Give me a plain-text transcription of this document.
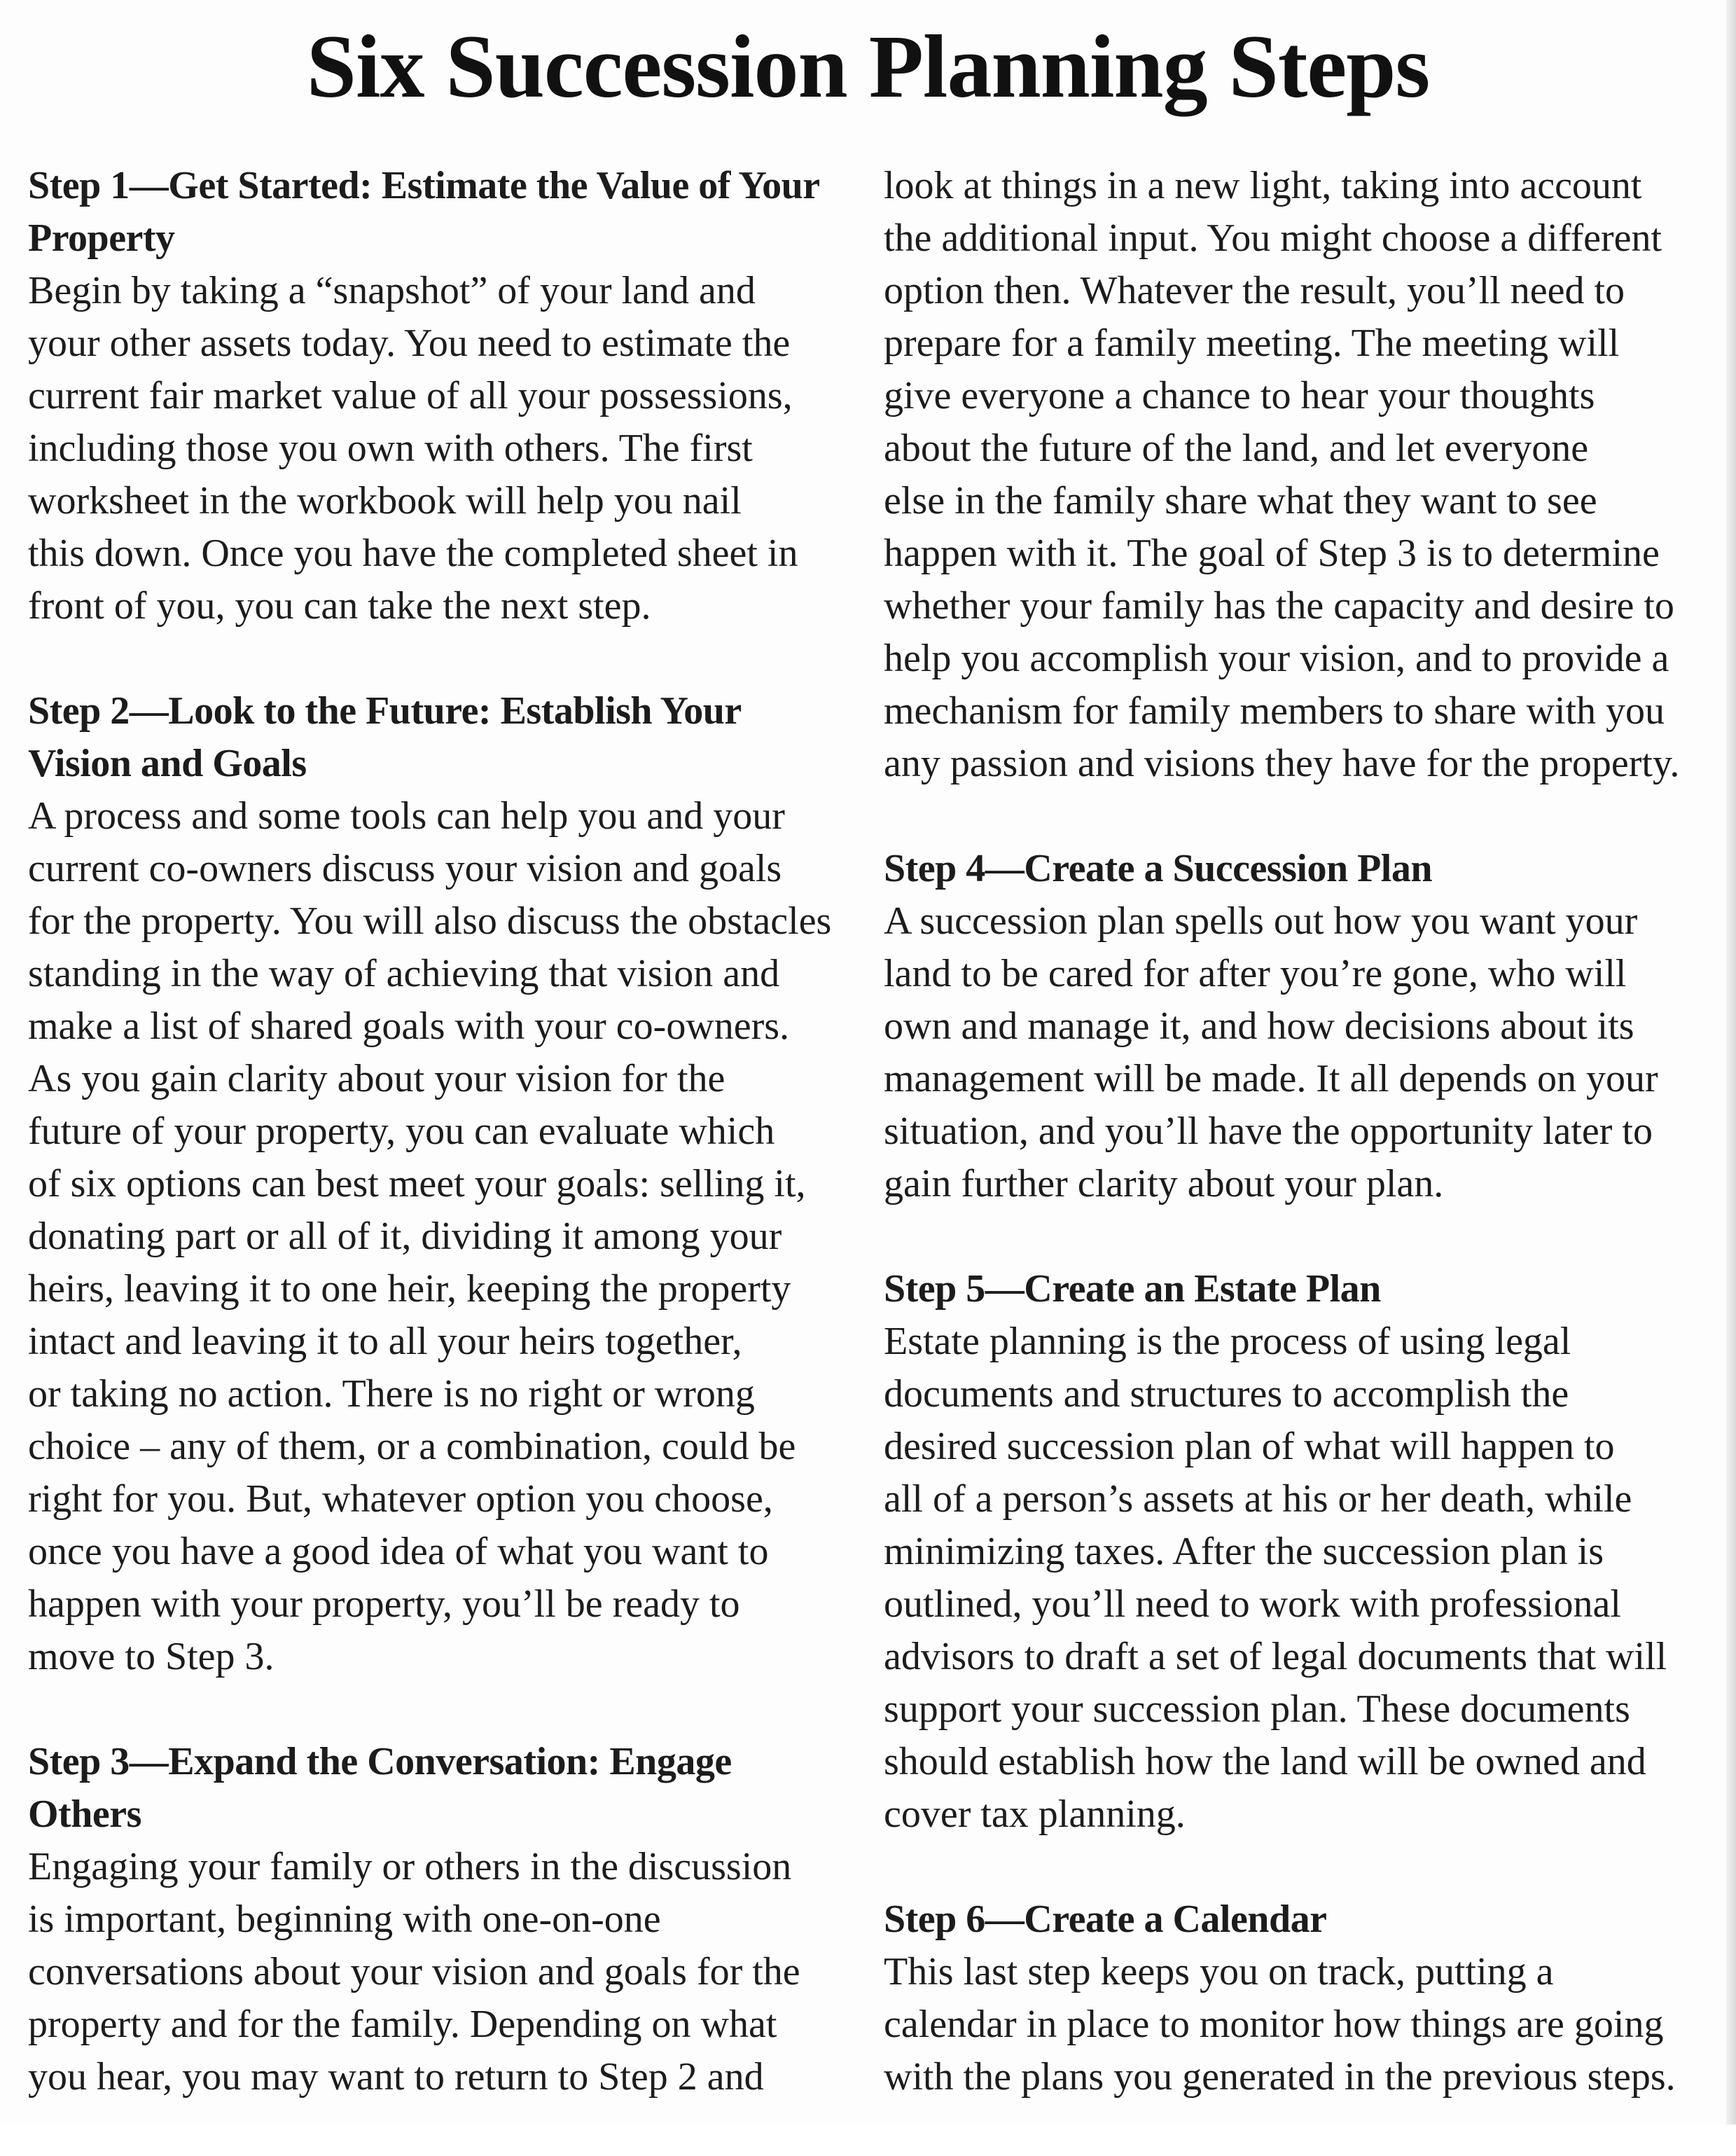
Six Succession Planning Steps
Step 1—Get Started: Estimate the Value of Your
Property
Begin by taking a “snapshot” of your land and
your other assets today. You need to estimate the
current fair market value of all your possessions,
including those you own with others. The first
worksheet in the workbook will help you nail
this down. Once you have the completed sheet in
front of you, you can take the next step.
Step 2—Look to the Future: Establish Your
Vision and Goals
A process and some tools can help you and your
current co-owners discuss your vision and goals
for the property. You will also discuss the obstacles
standing in the way of achieving that vision and
make a list of shared goals with your co-owners.
As you gain clarity about your vision for the
future of your property, you can evaluate which
of six options can best meet your goals: selling it,
donating part or all of it, dividing it among your
heirs, leaving it to one heir, keeping the property
intact and leaving it to all your heirs together,
or taking no action. There is no right or wrong
choice – any of them, or a combination, could be
right for you. But, whatever option you choose,
once you have a good idea of what you want to
happen with your property, you’ll be ready to
move to Step 3.
Step 3—Expand the Conversation: Engage
Others
Engaging your family or others in the discussion
is important, beginning with one-on-one
conversations about your vision and goals for the
property and for the family. Depending on what
you hear, you may want to return to Step 2 and
look at things in a new light, taking into account
the additional input. You might choose a different
option then. Whatever the result, you’ll need to
prepare for a family meeting. The meeting will
give everyone a chance to hear your thoughts
about the future of the land, and let everyone
else in the family share what they want to see
happen with it. The goal of Step 3 is to determine
whether your family has the capacity and desire to
help you accomplish your vision, and to provide a
mechanism for family members to share with you
any passion and visions they have for the property.
Step 4—Create a Succession Plan
A succession plan spells out how you want your
land to be cared for after you’re gone, who will
own and manage it, and how decisions about its
management will be made. It all depends on your
situation, and you’ll have the opportunity later to
gain further clarity about your plan.
Step 5—Create an Estate Plan
Estate planning is the process of using legal
documents and structures to accomplish the
desired succession plan of what will happen to
all of a person’s assets at his or her death, while
minimizing taxes. After the succession plan is
outlined, you’ll need to work with professional
advisors to draft a set of legal documents that will
support your succession plan. These documents
should establish how the land will be owned and
cover tax planning.
Step 6—Create a Calendar
This last step keeps you on track, putting a
calendar in place to monitor how things are going
with the plans you generated in the previous steps.
